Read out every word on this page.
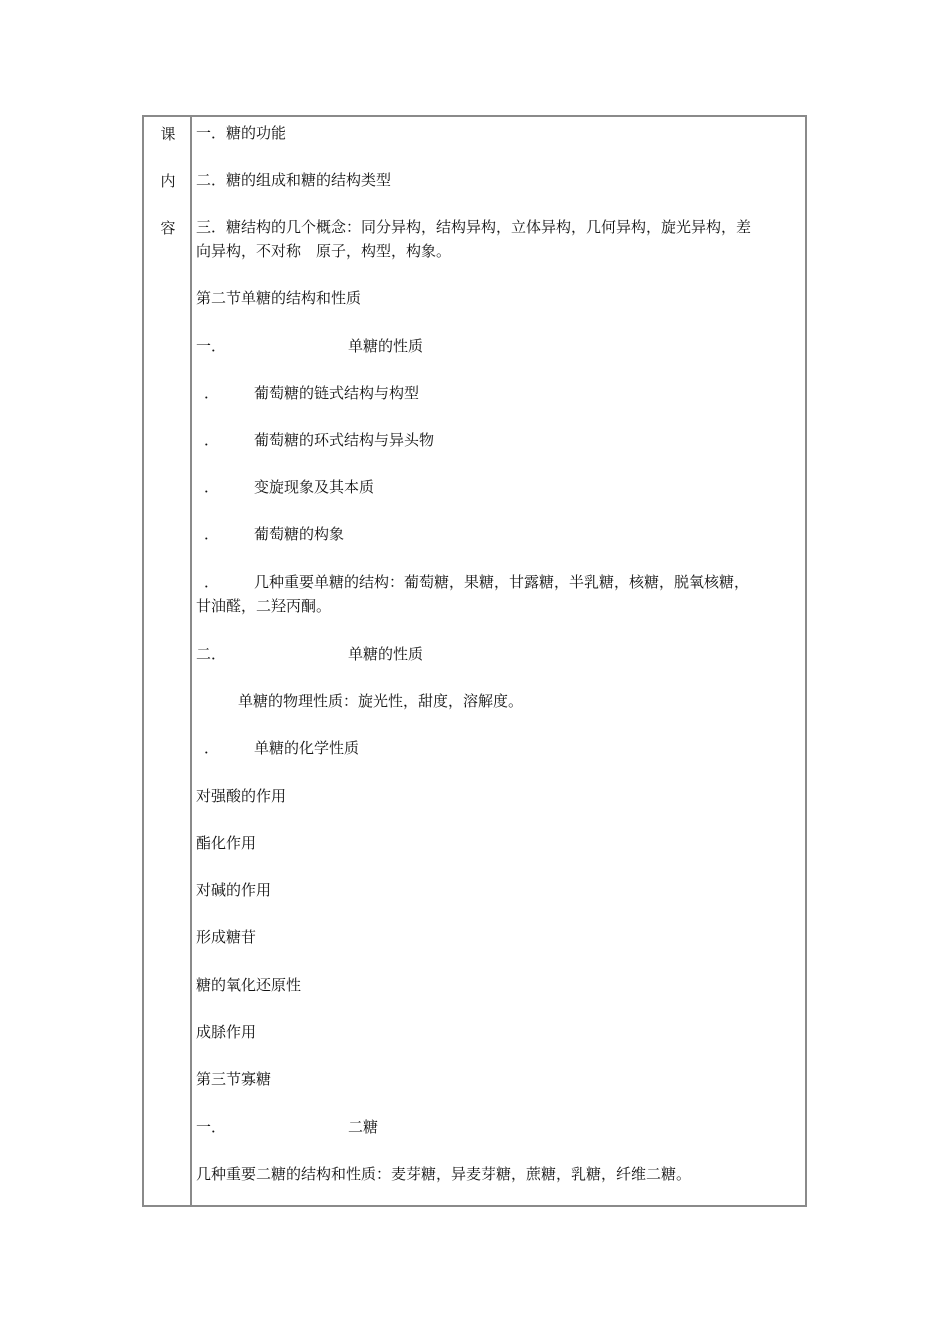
课
内
容
一．糖的功能
二．糖的组成和糖的结构类型
三．糖结构的几个概念：同分异构，结构异构，立体异构，几何异构，旋光异构，差
向异构，不对称　原子，构型，构象。
第二节单糖的结构和性质
一．	单糖的性质
． 葡萄糖的链式结构与构型
． 葡萄糖的环式结构与异头物
． 变旋现象及其本质
． 葡萄糖的构象
． 几种重要单糖的结构：葡萄糖，果糖，甘露糖，半乳糖，核糖，脱氧核糖，
甘油醛，二羟丙酮。
二．	单糖的性质
单糖的物理性质：旋光性，甜度，溶解度。
． 单糖的化学性质
对强酸的作用
酯化作用
对碱的作用
形成糖苷
糖的氧化还原性
成脎作用
第三节寡糖
一．	二糖
几种重要二糖的结构和性质：麦芽糖，异麦芽糖，蔗糖，乳糖，纤维二糖。
